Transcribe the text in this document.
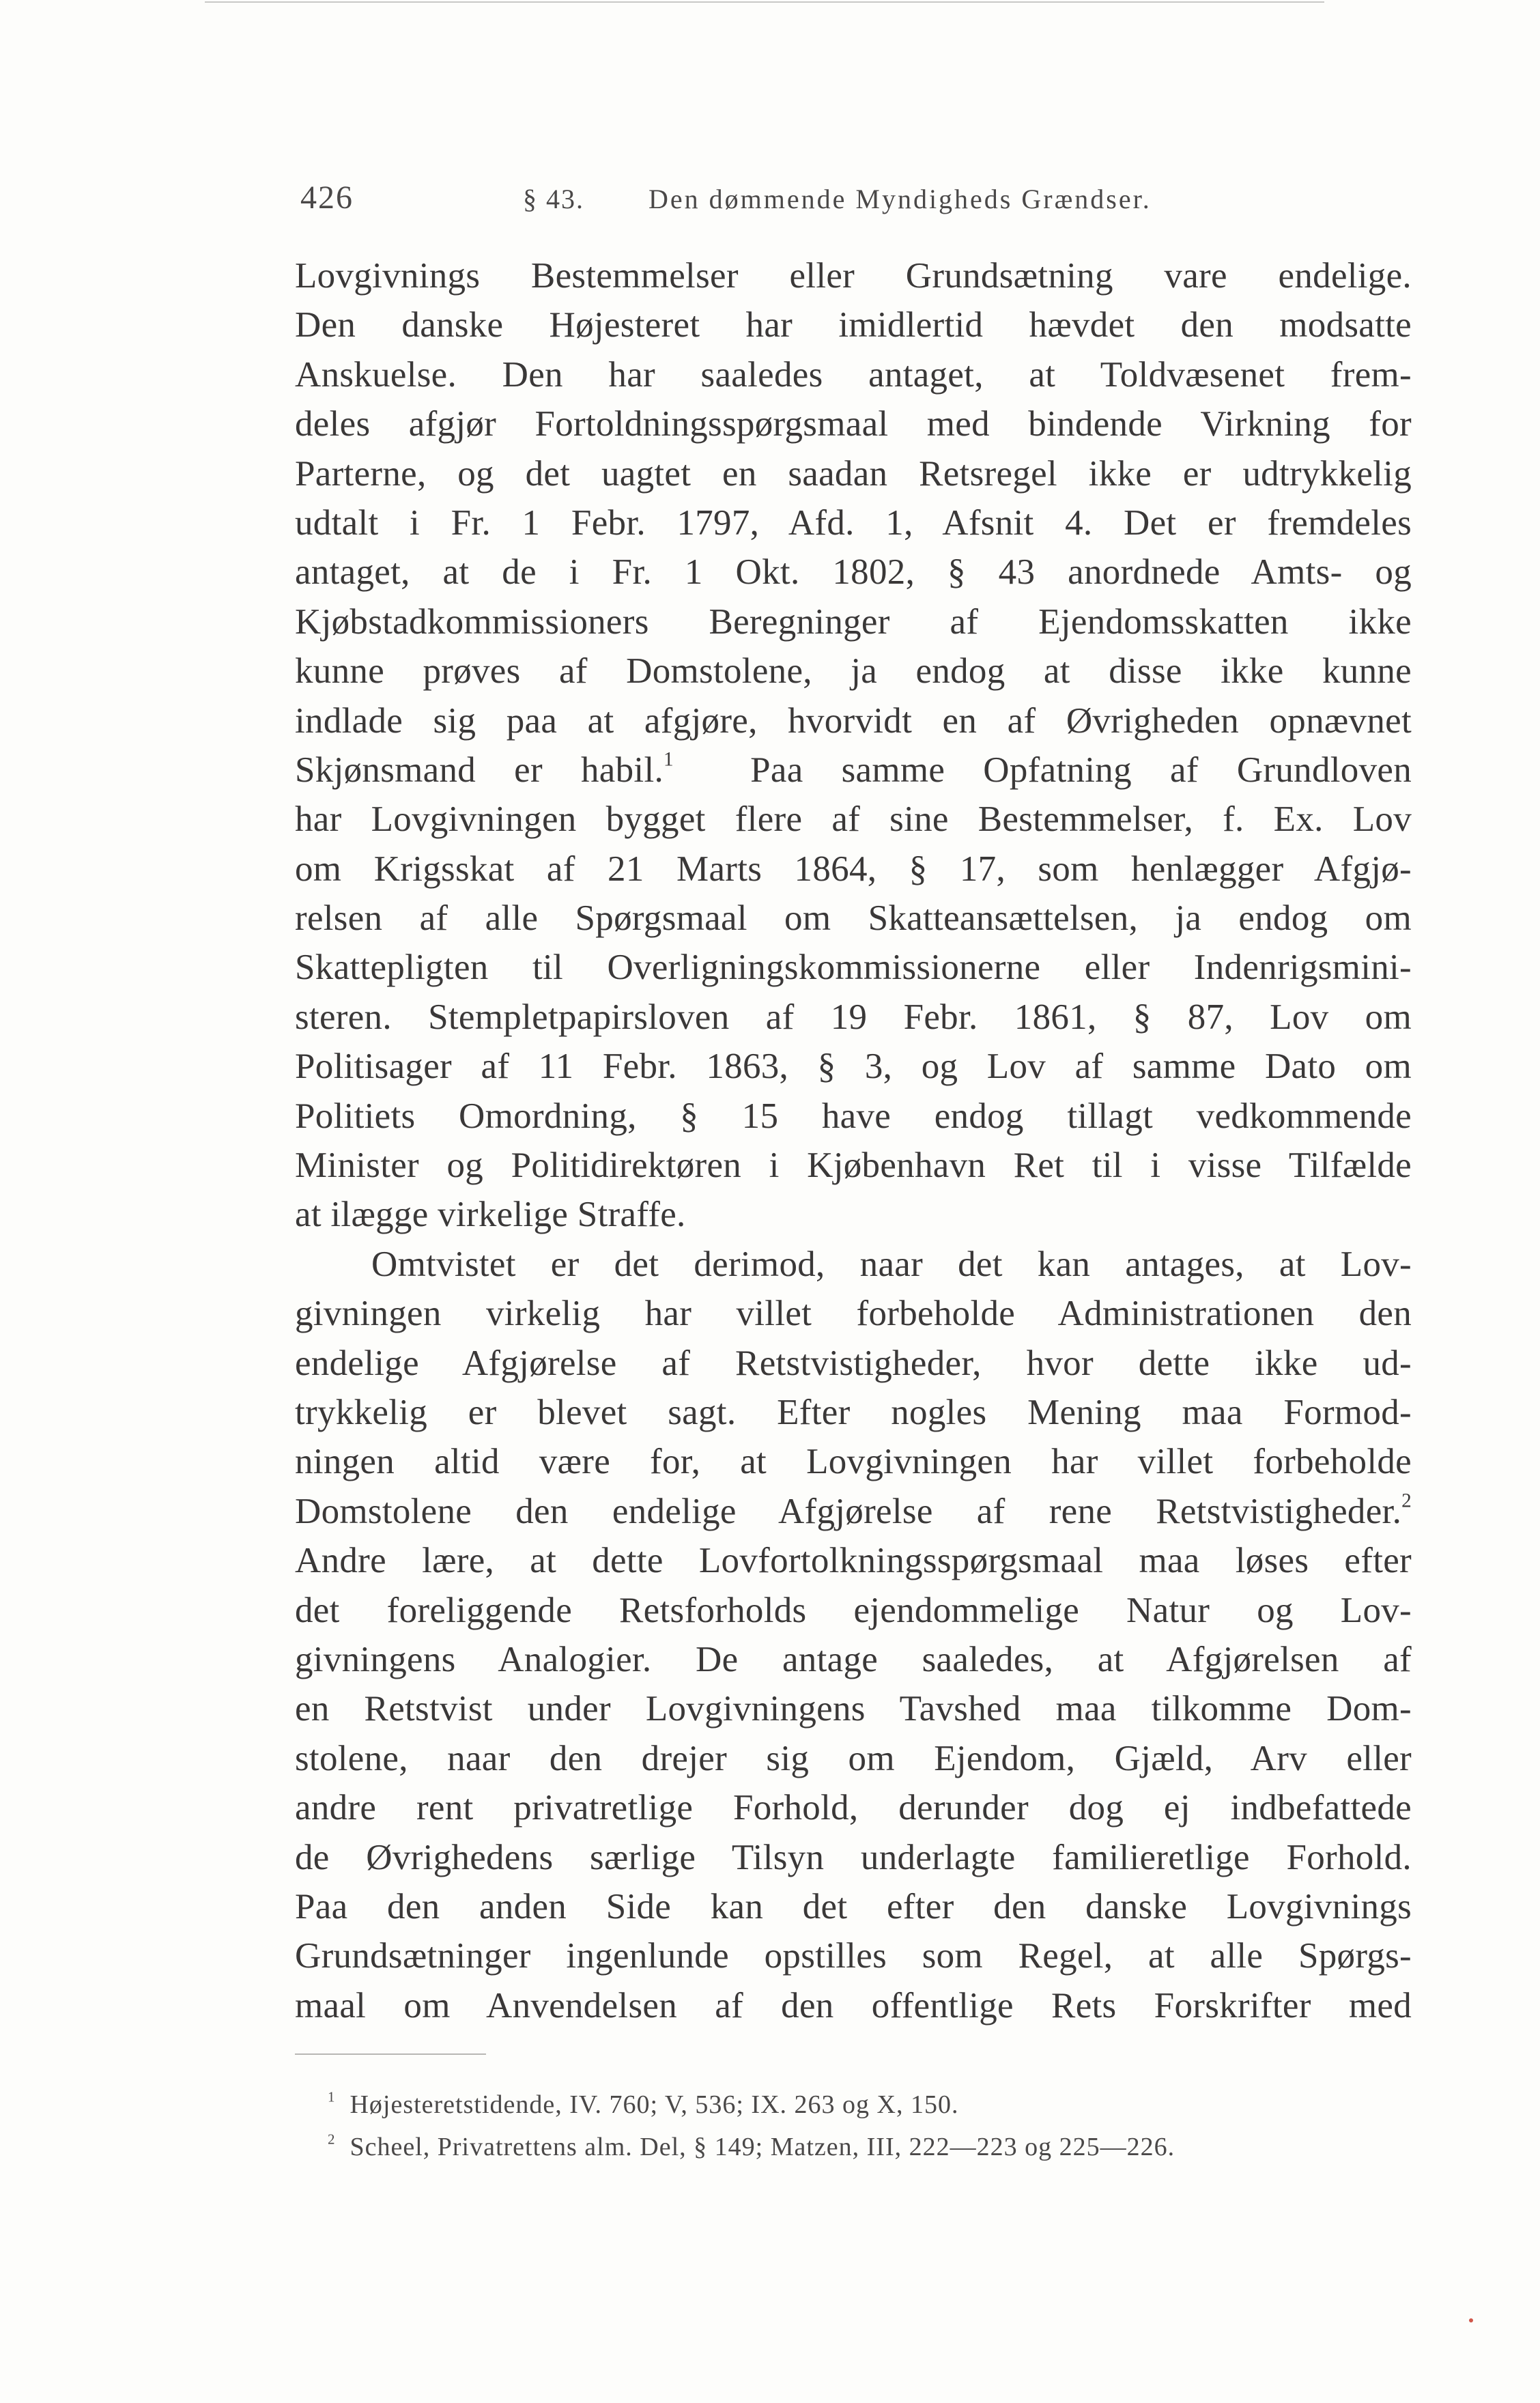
426	§ 43. Den dømmende Myndigheds Grændser.
Lovgivnings Bestemmelser eller Grundsætning vare endelige.
Den danske Højesteret har imidlertid hævdet den modsatte
Anskuelse. Den har saaledes antaget, at Toldvæsenet frem-
deles afgjør Fortoldningsspørgsmaal med bindende Virkning for
Parterne, og det uagtet en saadan Retsregel ikke er udtrykkelig
udtalt i Fr. 1 Febr. 1797, Afd. 1, Afsnit 4. Det er fremdeles
antaget, at de i Fr. 1 Okt. 1802, § 43 anordnede Amts- og
Kjøbstadkommissioners Beregninger af Ejendomsskatten ikke
kunne prøves af Domstolene, ja endog at disse ikke kunne
indlade sig paa at afgjøre, hvorvidt en af Øvrigheden opnævnet
Skjønsmand er habil.$^1$ Paa samme Opfatning af Grundloven
har Lovgivningen bygget flere af sine Bestemmelser, f. Ex. Lov
om Krigsskat af 21 Marts 1864, § 17, som henlægger Afgjø-
relsen af alle Spørgsmaal om Skatteansættelsen, ja endog om
Skattepligten til Overligningskommissionerne eller Indenrigsmini-
steren. Stempletpapirsloven af 19 Febr. 1861, § 87, Lov om
Politisager af 11 Febr. 1863, § 3, og Lov af samme Dato om
Politiets Omordning, § 15 have endog tillagt vedkommende
Minister og Politidirektøren i Kjøbenhavn Ret til i visse Tilfælde
at ilægge virkelige Straffe.
Omtvistet er det derimod, naar det kan antages, at Lov-
givningen virkelig har villet forbeholde Administrationen den
endelige Afgjørelse af Retstvistigheder, hvor dette ikke ud-
trykkelig er blevet sagt. Efter nogles Mening maa Formod-
ningen altid være for, at Lovgivningen har villet forbeholde
Domstolene den endelige Afgjørelse af rene Retstvistigheder.$^2$
Andre lære, at dette Lovfortolkningsspørgsmaal maa løses efter
det foreliggende Retsforholds ejendommelige Natur og Lov-
givningens Analogier. De antage saaledes, at Afgjørelsen af
en Retstvist under Lovgivningens Tavshed maa tilkomme Dom-
stolene, naar den drejer sig om Ejendom, Gjæld, Arv eller
andre rent privatretlige Forhold, derunder dog ej indbefattede
de Øvrighedens særlige Tilsyn underlagte familieretlige Forhold.
Paa den anden Side kan det efter den danske Lovgivnings
Grundsætninger ingenlunde opstilles som Regel, at alle Spørgs-
maal om Anvendelsen af den offentlige Rets Forskrifter med
$^1$ Højesteretstidende, IV. 760; V, 536; IX. 263 og X, 150.
$^2$ Scheel, Privatrettens alm. Del, § 149; Matzen, III, 222—223 og 225—226.
